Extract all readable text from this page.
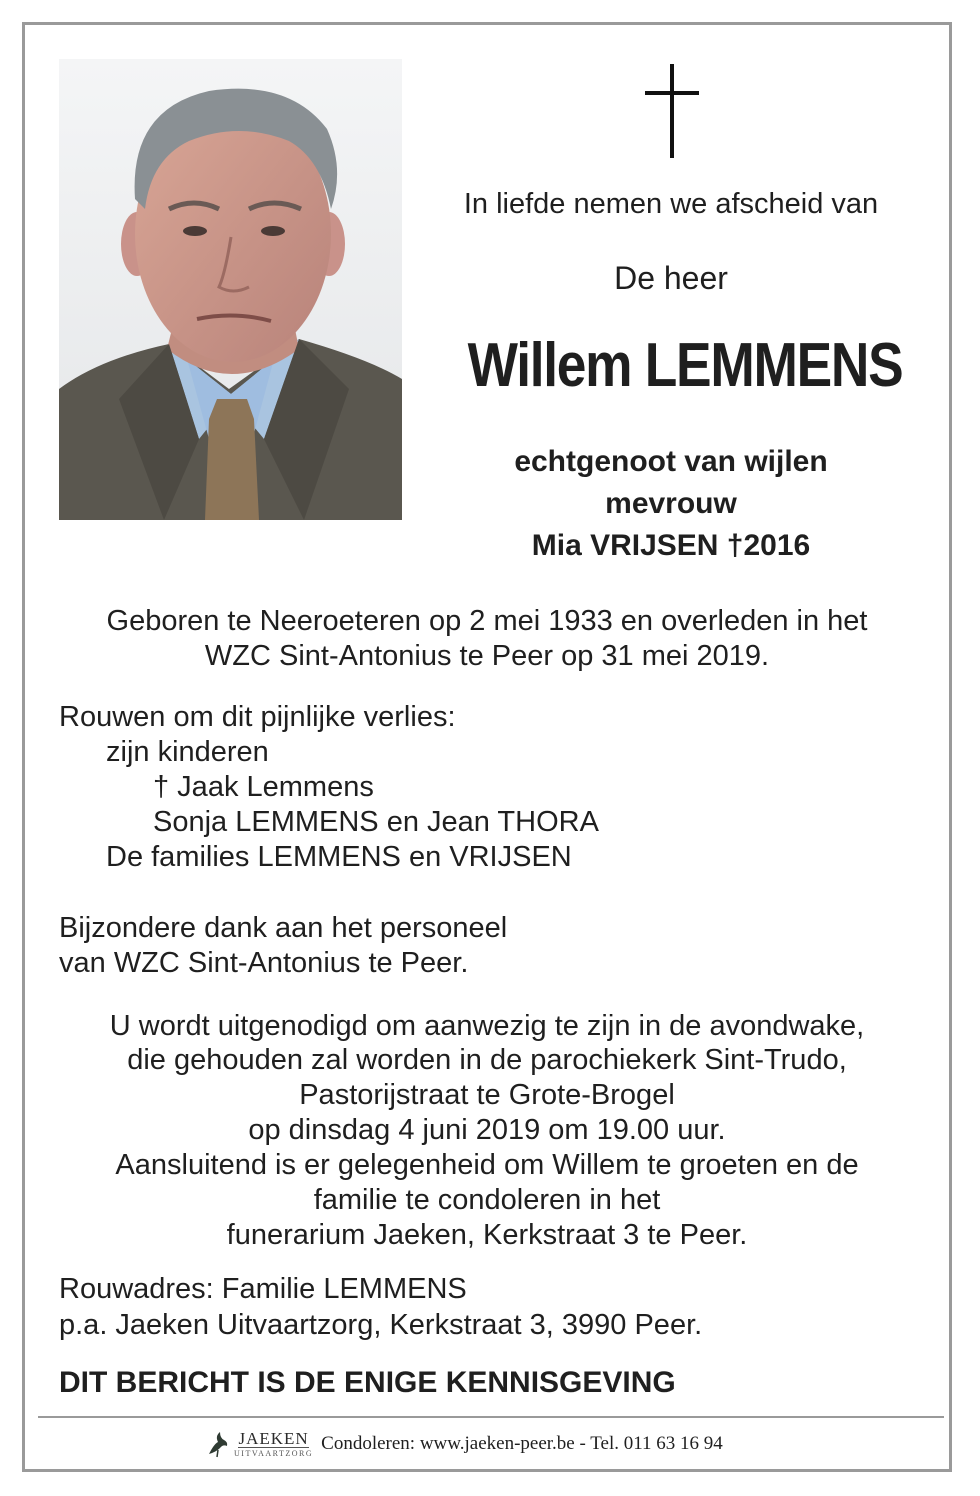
In liefde nemen we afscheid van
De heer
Willem LEMMENS
echtgenoot van wijlen
mevrouw
Mia VRIJSEN †2016
Geboren te Neeroeteren op 2 mei 1933 en overleden in het
WZC Sint-Antonius te Peer op 31 mei 2019.
Rouwen om dit pijnlijke verlies:
zijn kinderen
† Jaak Lemmens
Sonja LEMMENS en Jean THORA
De families LEMMENS en VRIJSEN
Bijzondere dank aan het personeel
van WZC Sint-Antonius te Peer.
U wordt uitgenodigd om aanwezig te zijn in de avondwake,
die gehouden zal worden in de parochiekerk Sint-Trudo,
Pastorijstraat te Grote-Brogel
op dinsdag 4 juni 2019 om 19.00 uur.
Aansluitend is er gelegenheid om Willem te groeten en de
familie te condoleren in het
funerarium Jaeken, Kerkstraat 3 te Peer.
Rouwadres: Familie LEMMENS
p.a. Jaeken Uitvaartzorg, Kerkstraat 3, 3990 Peer.
DIT BERICHT IS DE ENIGE KENNISGEVING
JAEKEN
UITVAARTZORG Condoleren: www.jaeken-peer.be - Tel. 011 63 16 94
